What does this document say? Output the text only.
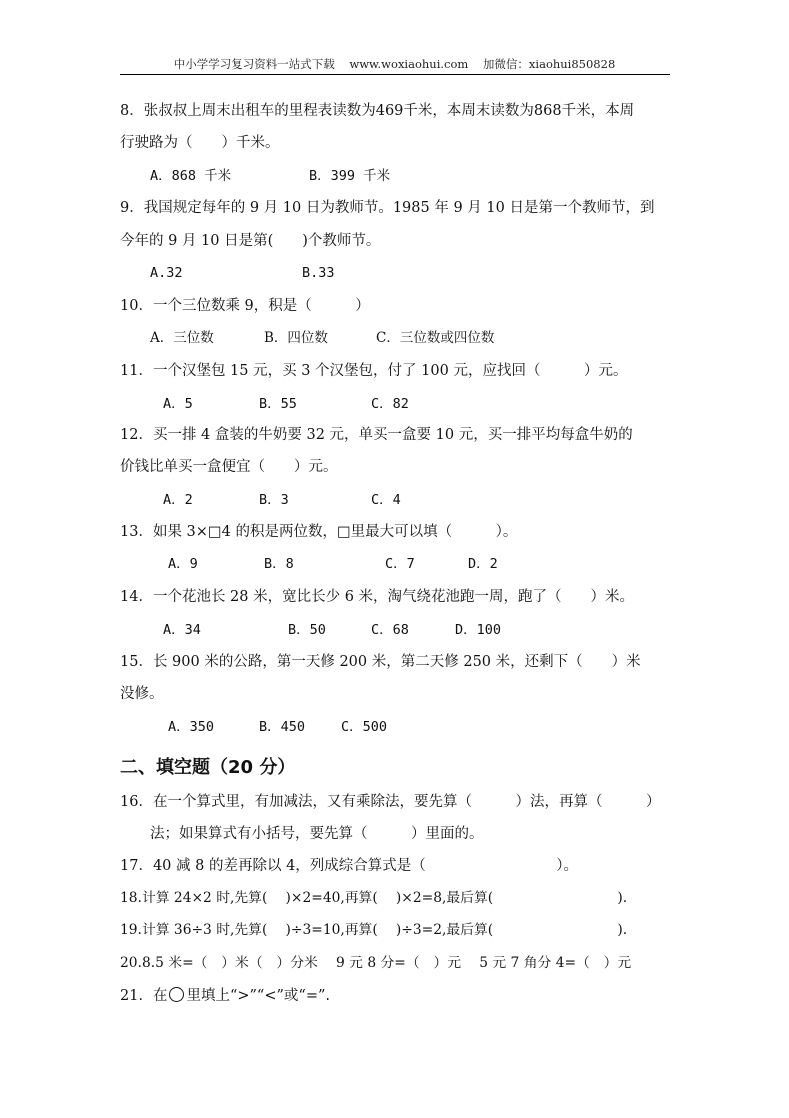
中小学学习复习资料一站式下载    www.woxiaohui.com    加微信：xiaohui850828
8．张叔叔上周末出租车的里程表读数为469千米，本周末读数为868千米，本周
行驶路为（　　）千米。
A．868 千米	B．399 千米
9．我国规定每年的 9 月 10 日为教师节。1985 年 9 月 10 日是第一个教师节，到
今年的 9 月 10 日是第(　　)个教师节。
A.32	B.33
10．一个三位数乘 9，积是（　　　）
A．三位数	B．四位数	C．三位数或四位数
11．一个汉堡包 15 元，买 3 个汉堡包，付了 100 元，应找回（　　　）元。
A．5	B．55	C．82
12．买一排 4 盒装的牛奶要 32 元，单买一盒要 10 元，买一排平均每盒牛奶的
价钱比单买一盒便宜（　　）元。
A．2	B．3	C．4
13．如果 3×□4 的积是两位数，□里最大可以填（　　　）。
A．9	B．8	C．7	D．2
14．一个花池长 28 米，宽比长少 6 米，淘气绕花池跑一周，跑了（　　）米。
A．34	B．50	C．68	D．100
15．长 900 米的公路，第一天修 200 米，第二天修 250 米，还剩下（　　）米
没修。
A．350	B．450	C．500
二、填空题（20 分）
16．在一个算式里，有加减法，又有乘除法，要先算（　　　）法，再算（　　　）
法；如果算式有小括号，要先算（　　　）里面的。
17．40 减 8 的差再除以 4，列成综合算式是（　　　　　　　　　）。
18.计算 24×2 时,先算(　 )×2=40,再算(　 )×2=8,最后算(　　　　　　　　　).
19.计算 36÷3 时,先算(　 )÷3=10,再算(　 )÷3=2,最后算(　　　　　　　　　).
20.8.5 米=（　）米（　）分米　 9 元 8 分=（　）元　 5 元 7 角分 4=（　）元
21．在 里填上“>”“<”或“=”.
